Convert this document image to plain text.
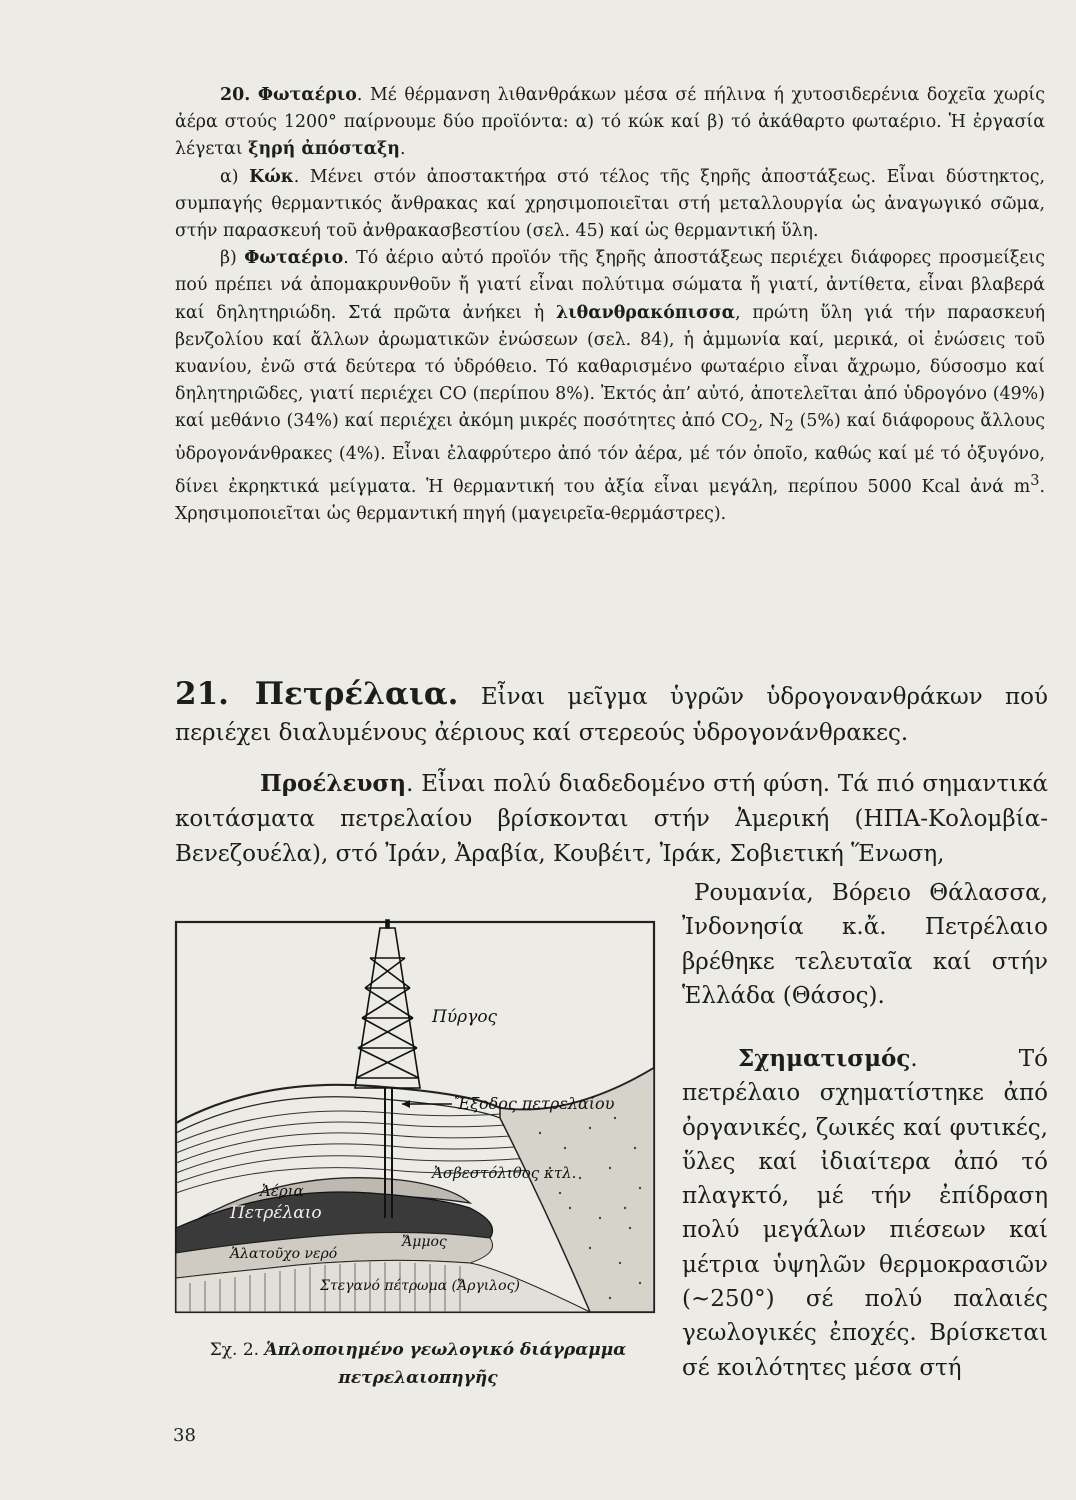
20. Φωταέριο. Μέ θέρμανση λιθανθράκων μέσα σέ πήλινα ή χυτοσιδερένια δοχεῖα χωρίς ἀέρα στούς 1200° παίρνουμε δύο προϊόντα: α) τό κώκ καί β) τό ἀκάθαρτο φωταέριο. Ἡ ἐργασία λέγεται ξηρή ἀπόσταξη.

α) Κώκ. Μένει στόν ἀποστακτήρα στό τέλος τῆς ξηρῆς ἀποστάξεως. Εἶναι δύστηκτος, συμπαγής θερμαντικός ἄνθρακας καί χρησιμοποιεῖται στή μεταλλουργία ὡς ἀναγωγικό σῶμα, στήν παρασκευή τοῦ ἀνθρακασβεστίου (σελ. 45) καί ὡς θερμαντική ὕλη.

β) Φωταέριο. Τό ἀέριο αὐτό προϊόν τῆς ξηρῆς ἀποστάξεως περιέχει διάφορες προσμείξεις πού πρέπει νά ἀπομακρυνθοῦν ἤ γιατί εἶναι πολύτιμα σώματα ἤ γιατί, ἀντίθετα, εἶναι βλαβερά καί δηλητηριώδη. Στά πρῶτα ἀνήκει ἡ λιθανθρακόπισσα, πρώτη ὕλη γιά τήν παρασκευή βενζολίου καί ἄλλων ἀρωματικῶν ἐνώσεων (σελ. 84), ἡ ἀμμωνία καί, μερικά, οἱ ἐνώσεις τοῦ κυανίου, ἐνῶ στά δεύτερα τό ὑδρόθειο. Τό καθαρισμένο φωταέριο εἶναι ἄχρωμο, δύσοσμο καί δηλητηριῶδες, γιατί περιέχει CO (περίπου 8%). Ἐκτός ἀπ’ αὐτό, ἀποτελεῖται ἀπό ὑδρογόνο (49%) καί μεθάνιο (34%) καί περιέχει ἀκόμη μικρές ποσότητες ἀπό $CO_2$, $N_2$ (5%) καί διάφορους ἄλλους ὑδρογονάνθρακες (4%). Εἶναι ἐλαφρύτερο ἀπό τόν ἀέρα, μέ τόν ὁποῖο, καθώς καί μέ τό ὀξυγόνο, δίνει ἐκρηκτικά μείγματα. Ἡ θερμαντική του ἀξία εἶναι μεγάλη, περίπου 5000 Kcal ἀνά $m^3$. Χρησιμοποιεῖται ὡς θερμαντική πηγή (μαγειρεῖα-θερμάστρες).

21. Πετρέλαια. Εἶναι μεῖγμα ὑγρῶν ὑδρογονανθράκων πού περιέχει διαλυμένους ἀέριους καί στερεούς ὑδρογονάνθρακες.

Προέλευση. Εἶναι πολύ διαδεδομένο στή φύση. Τά πιό σημαντικά κοιτάσματα πετρελαίου βρίσκονται στήν Ἀμερική (ΗΠΑ-Κολομβία-Βενεζουέλα), στό Ἰράν, Ἀραβία, Κουβέιτ, Ἰράκ, Σοβιετική Ἕνωση,

Ρουμανία, Βόρειο Θάλασσα, Ἰνδονησία κ.ἄ. Πετρέλαιο βρέθηκε τελευταῖα καί στήν Ἑλλάδα (Θάσος).

Σχηματισμός. Τό πετρέλαιο σχηματίστηκε ἀπό ὀργανικές, ζωικές καί φυτικές, ὕλες καί ἰδιαίτερα ἀπό τό πλαγκτό, μέ τήν ἐπίδραση πολύ μεγάλων πιέσεων καί μέτρια ὑψηλῶν θερμοκρασιῶν (~250°) σέ πολύ παλαιές γεωλογικές ἐποχές. Βρίσκεται σέ κοιλότητες μέσα στή

Πύργος
Ἔξοδος πετρελαίου
Ἀσβεστόλιθος κτλ.
Ἀέρια
Πετρέλαιο
Ἁλατοῦχο νερό
Ἄμμος
Στεγανό πέτρωμα (Ἄργιλος)
Σχ. 2. Ἁπλοποιημένο γεωλογικό διάγραμμα πετρελαιοπηγῆς
38
